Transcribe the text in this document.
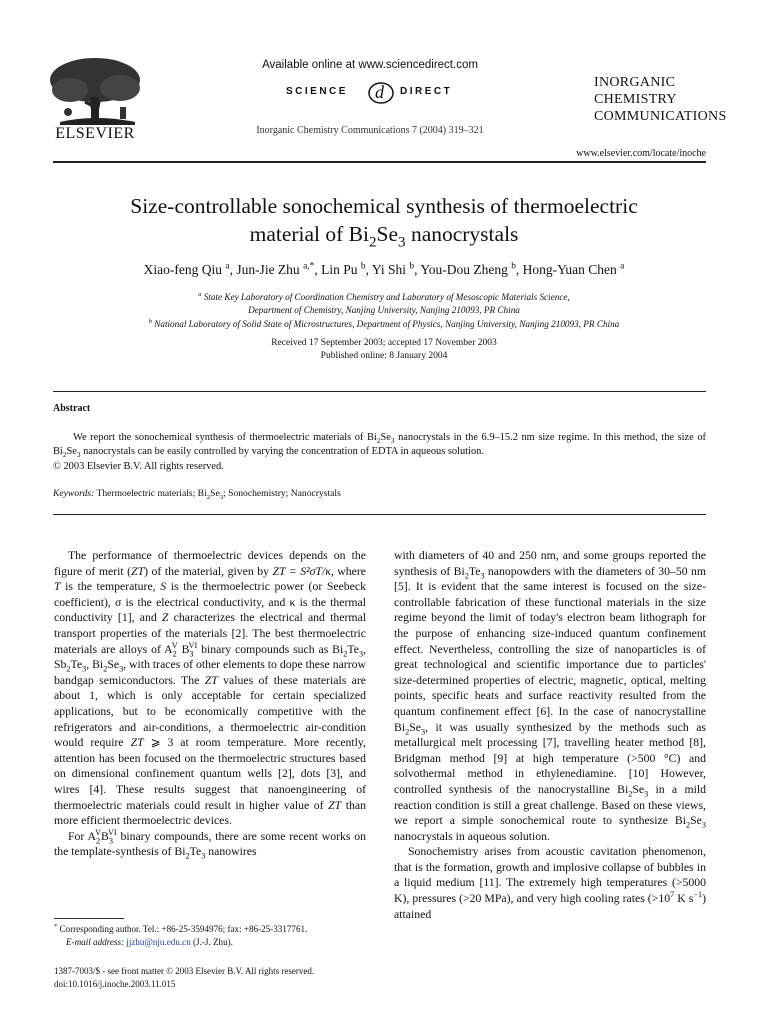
ELSEVIER
Available online at www.sciencedirect.com
SCIENCE d DIRECT
Inorganic Chemistry Communications 7 (2004) 319–321
INORGANIC
CHEMISTRY
COMMUNICATIONS
www.elsevier.com/locate/inoche
Size-controllable sonochemical synthesis of thermoelectric
material of $Bi_2Se_3$ nanocrystals
Xiao-feng Qiu $^a$, Jun-Jie Zhu $^{a,*}$, Lin Pu $^b$, Yi Shi $^b$, You-Dou Zheng $^b$, Hong-Yuan Chen $^a$
$^a$ State Key Laboratory of Coordination Chemistry and Laboratory of Mesoscopic Materials Science,
Department of Chemistry, Nanjing University, Nanjing 210093, PR China
$^b$ National Laboratory of Solid State of Microstructures, Department of Physics, Nanjing University, Nanjing 210093, PR China
Received 17 September 2003; accepted 17 November 2003
Published online: 8 January 2004
Abstract
We report the sonochemical synthesis of thermoelectric materials of $Bi_2Se_3$ nanocrystals in the 6.9–15.2 nm size regime. In this method, the size of $Bi_2Se_3$ nanocrystals can be easily controlled by varying the concentration of EDTA in aqueous solution.
© 2003 Elsevier B.V. All rights reserved.
Keywords: Thermoelectric materials; $Bi_2Se_3$; Sonochemistry; Nanocrystals

The performance of thermoelectric devices depends on the figure of merit (ZT) of the material, given by ZT = S²σT/κ, where T is the temperature, S is the thermoelectric power (or Seebeck coefficient), σ is the electrical conductivity, and κ is the thermal conductivity [1], and Z characterizes the electrical and thermal transport properties of the materials [2]. The best thermoelectric materials are alloys of $A_2^V$ $B_3^{VI}$ binary compounds such as $Bi_2Te_3$, $Sb_2Te_3$, $Bi_2Se_3$, with traces of other elements to dope these narrow bandgap semiconductors. The ZT values of these materials are about 1, which is only acceptable for certain specialized applications, but to be economically competitive with the refrigerators and air-conditions, a thermoelectric air-condition would require ZT ⩾ 3 at room temperature. More recently, attention has been focused on the thermoelectric structures based on dimensional confinement quantum wells [2], dots [3], and wires [4]. These results suggest that nanoengineering of thermoelectric materials could result in higher value of ZT than more efficient thermoelectric devices.

For $A_2^VB_3^{VI}$ binary compounds, there are some recent works on the template-synthesis of $Bi_2Te_3$ nanowires

with diameters of 40 and 250 nm, and some groups reported the synthesis of $Bi_2Te_3$ nanopowders with the diameters of 30–50 nm [5]. It is evident that the same interest is focused on the size-controllable fabrication of these functional materials in the size regime beyond the limit of today's electron beam lithograph for the purpose of enhancing size-induced quantum confinement effect. Nevertheless, controlling the size of nanoparticles is of great technological and scientific importance due to particles' size-determined properties of electric, magnetic, optical, melting points, specific heats and surface reactivity resulted from the quantum confinement effect [6]. In the case of nanocrystalline $Bi_2Se_3$, it was usually synthesized by the methods such as metallurgical melt processing [7], travelling heater method [8], Bridgman method [9] at high temperature (>500 °C) and solvothermal method in ethylenediamine. [10] However, controlled synthesis of the nanocrystalline $Bi_2Se_3$ in a mild reaction condition is still a great challenge. Based on these views, we report a simple sonochemical route to synthesize $Bi_2Se_3$ nanocrystals in aqueous solution.

Sonochemistry arises from acoustic cavitation phenomenon, that is the formation, growth and implosive collapse of bubbles in a liquid medium [11]. The extremely high temperatures (>5000 K), pressures (>20 MPa), and very high cooling rates ($>10^7$ K $s^{-1}$) attained

* Corresponding author. Tel.: +86-25-3594976; fax: +86-25-3317761.
E-mail address: jjzhu@nju.edu.cn (J.-J. Zhu).
1387-7003/$ - see front matter © 2003 Elsevier B.V. All rights reserved.
doi:10.1016/j.inoche.2003.11.015
